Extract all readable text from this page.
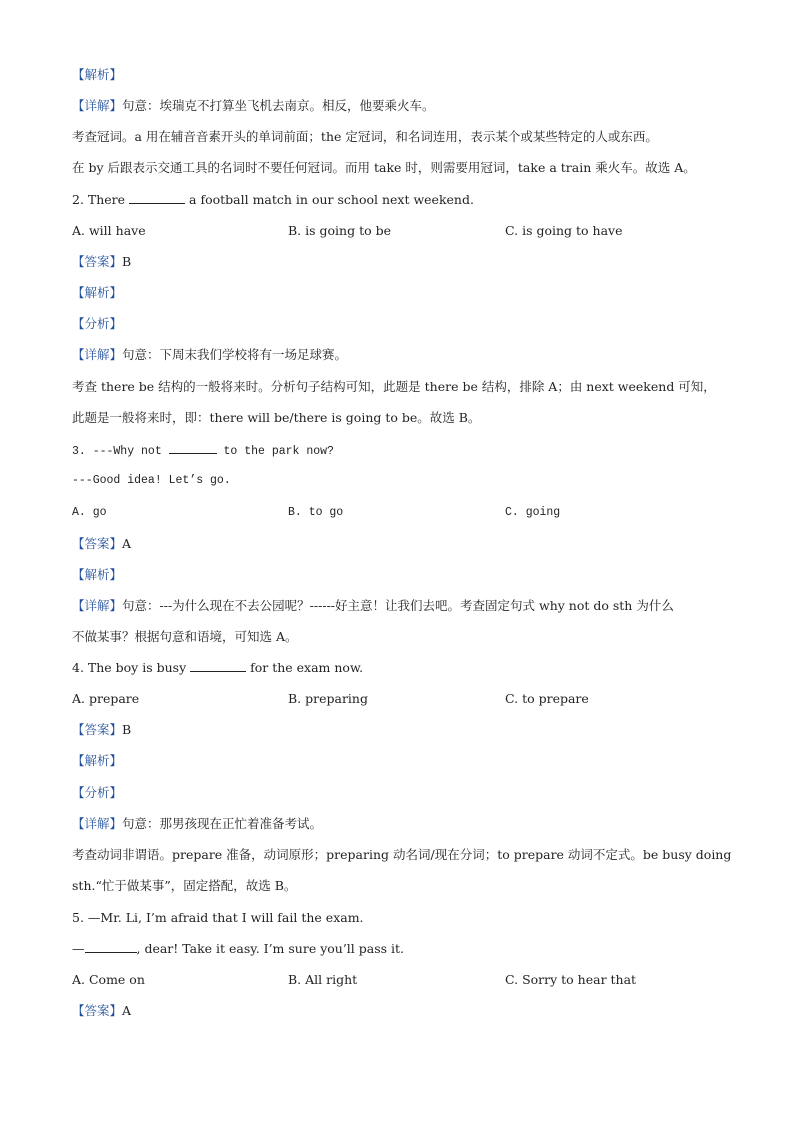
【解析】
【详解】句意：埃瑞克不打算坐飞机去南京。相反，他要乘火车。
考查冠词。a 用在辅音音素开头的单词前面；the 定冠词，和名词连用，表示某个或某些特定的人或东西。
在 by 后跟表示交通工具的名词时不要任何冠词。而用 take 时，则需要用冠词，take a train 乘火车。故选 A。
2. There	a football match in our school next weekend.
A. will have	B. is going to be	C. is going to have
【答案】B
【解析】
【分析】
【详解】句意：下周末我们学校将有一场足球赛。
考查 there be 结构的一般将来时。分析句子结构可知，此题是 there be 结构，排除 A；由 next weekend 可知，
此题是一般将来时，即：there will be/there is going to be。故选 B。
3. ---Why not	to the park now?
---Good idea! Let’s go.
A. go	B. to go	C. going
【答案】A
【解析】
【详解】句意：---为什么现在不去公园呢？------好主意！让我们去吧。考查固定句式 why not do sth 为什么
不做某事？根据句意和语境，可知选 A。
4. The boy is busy	for the exam now.
A. prepare	B. preparing	C. to prepare
【答案】B
【解析】
【分析】
【详解】句意：那男孩现在正忙着准备考试。
考查动词非谓语。prepare 准备，动词原形；preparing 动名词/现在分词；to prepare 动词不定式。be busy doing
sth.“忙于做某事”，固定搭配，故选 B。
5. —Mr. Li, I’m afraid that I will fail the exam.
—	, dear! Take it easy. I’m sure you’ll pass it.
A. Come on	B. All right	C. Sorry to hear that
【答案】A
